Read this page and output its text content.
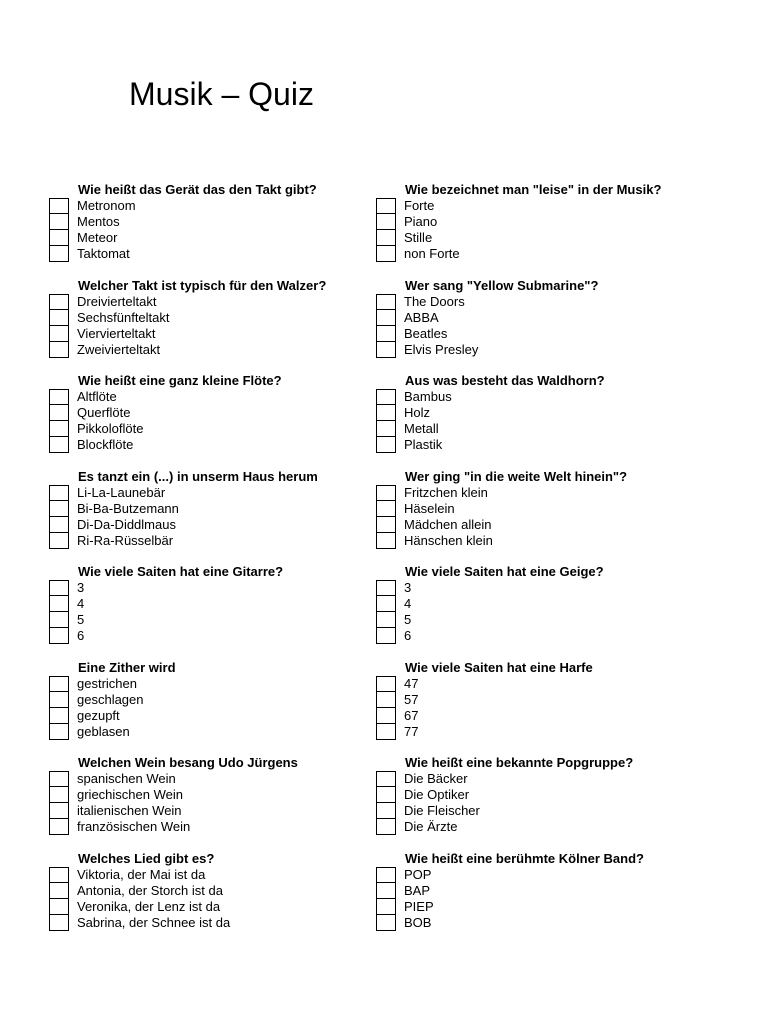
Musik – Quiz
Wie heißt das Gerät das den Takt gibt?
Metronom
Mentos
Meteor
Taktomat
Welcher Takt ist typisch für den Walzer?
Dreivierteltakt
Sechsfünfteltakt
Viervierteltakt
Zweivierteltakt
Wie heißt eine ganz kleine Flöte?
Altflöte
Querflöte
Pikkoloflöte
Blockflöte
Es tanzt ein (...) in unserm Haus herum
Li-La-Launebär
Bi-Ba-Butzemann
Di-Da-Diddlmaus
Ri-Ra-Rüsselbär
Wie viele Saiten hat eine Gitarre?
3
4
5
6
Eine Zither wird
gestrichen
geschlagen
gezupft
geblasen
Welchen Wein besang Udo Jürgens
spanischen Wein
griechischen Wein
italienischen Wein
französischen Wein
Welches Lied gibt es?
Viktoria, der Mai ist da
Antonia, der Storch ist da
Veronika, der Lenz ist da
Sabrina, der Schnee ist da
Wie bezeichnet man "leise" in der Musik?
Forte
Piano
Stille
non Forte
Wer sang "Yellow Submarine"?
The Doors
ABBA
Beatles
Elvis Presley
Aus was besteht das Waldhorn?
Bambus
Holz
Metall
Plastik
Wer ging "in die weite Welt hinein"?
Fritzchen klein
Häselein
Mädchen allein
Hänschen klein
Wie viele Saiten hat eine Geige?
3
4
5
6
Wie viele Saiten hat eine Harfe
47
57
67
77
Wie heißt eine bekannte Popgruppe?
Die Bäcker
Die Optiker
Die Fleischer
Die Ärzte
Wie heißt eine berühmte Kölner Band?
POP
BAP
PIEP
BOB
